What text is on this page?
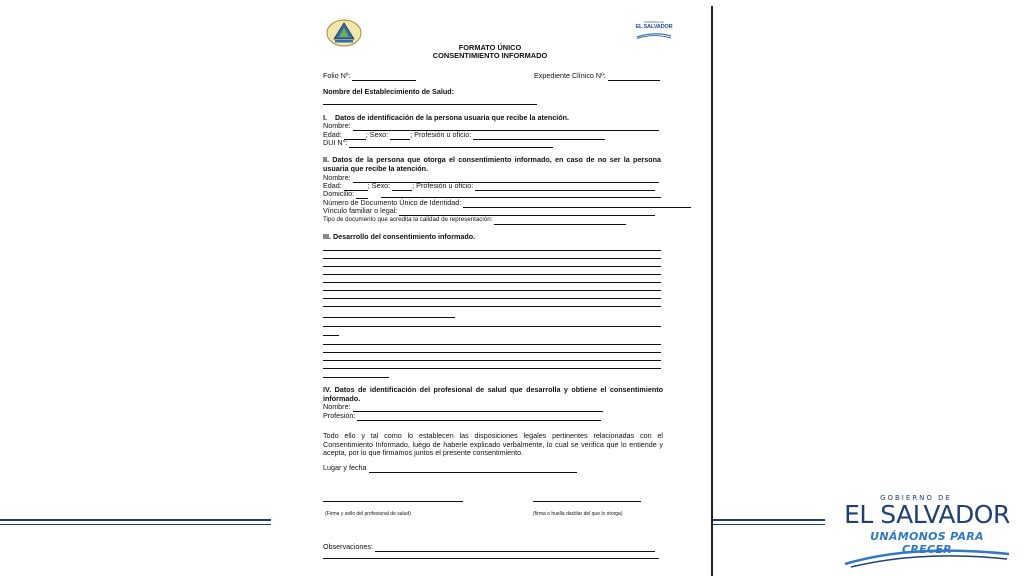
GOBIERNO DE
EL SALVADOR
FORMATO ÚNICO
CONSENTIMIENTO INFORMADO
Folio Nº:	Expediente Clínico Nº:
Nombre del Establecimiento de Salud:
I.    Datos de identificación de la persona usuaria que recibe la atención.
Nombre:
Edad:	; Sexo:	; Profesión u oficio:
DUI N°:
II. Datos de la persona que otorga el consentimiento informado, en caso de no ser la persona usuaria que recibe la atención.
Nombre:
Edad:	; Sexo:	; Profesión u oficio:
Domicilio:
Número de Documento Único de Identidad:
Vínculo familiar o legal:
Tipo de documento que acredita la calidad de representación:
III. Desarrollo del consentimiento informado.
IV. Datos de identificación del profesional de salud que desarrolla y obtiene el consentimiento informado.
Nombre:
Profesión:
Todo ello y tal como lo establecen las disposiciones legales pertinentes relacionadas con el Consentimiento Informado, luego de haberle explicado verbalmente, lo cual se verifica que lo entiende y acepta, por lo que firmamos juntos el presente consentimiento.
Lugar y fecha
(Firma y sello del profesional de salud)	(firma o huella dactilar del que lo otorga)
Observaciones:
GOBIERNO DE
EL SALVADOR
UNÁMONOS PARA CRECER
